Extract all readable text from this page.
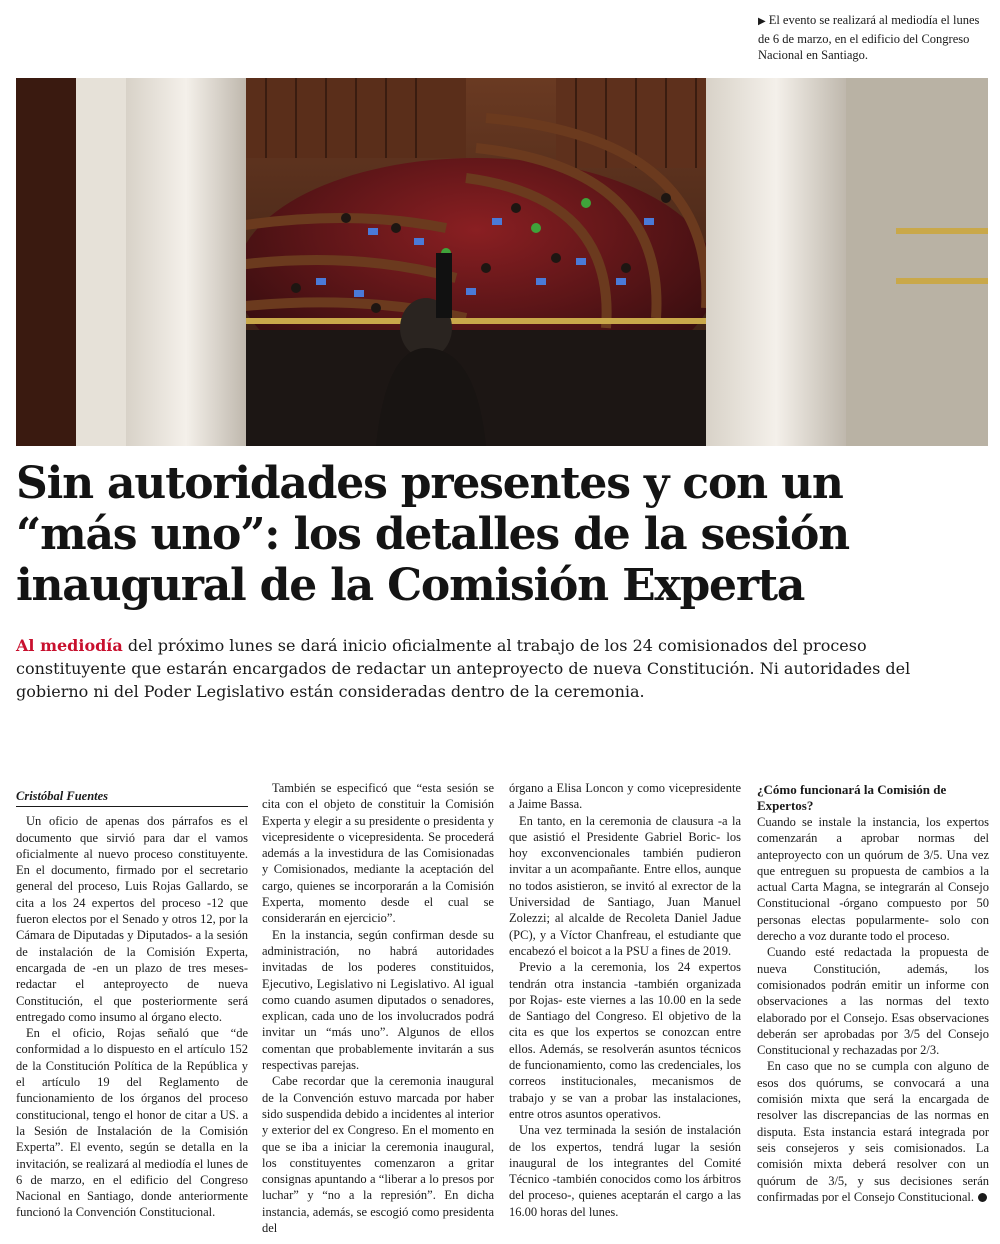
▶ El evento se realizará al mediodía el lunes de 6 de marzo, en el edificio del Congreso Nacional en Santiago.
Sin autoridades presentes y con un “más uno”: los detalles de la sesión inaugural de la Comisión Experta

Al mediodía del próximo lunes se dará inicio oficialmente al trabajo de los 24 comisionados del proceso constituyente que estarán encargados de redactar un anteproyecto de nueva Constitución. Ni autoridades del gobierno ni del Poder Legislativo están consideradas dentro de la ceremonia.

Cristóbal Fuentes

Un oficio de apenas dos párrafos es el documento que sirvió para dar el vamos oficialmente al nuevo proceso constituyente. En el documento, firmado por el secretario general del proceso, Luis Rojas Gallardo, se cita a los 24 expertos del proceso -12 que fueron electos por el Senado y otros 12, por la Cámara de Diputadas y Diputados- a la sesión de instalación de la Comisión Experta, encargada de -en un plazo de tres meses- redactar el anteproyecto de nueva Constitución, el que posteriormente será entregado como insumo al órgano electo.

En el oficio, Rojas señaló que “de conformidad a lo dispuesto en el artículo 152 de la Constitución Política de la República y el artículo 19 del Reglamento de funcionamiento de los órganos del proceso constitucional, tengo el honor de citar a US. a la Sesión de Instalación de la Comisión Experta”. El evento, según se detalla en la invitación, se realizará al mediodía el lunes de 6 de marzo, en el edificio del Congreso Nacional en Santiago, donde anteriormente funcionó la Convención Constitucional.

También se especificó que “esta sesión se cita con el objeto de constituir la Comisión Experta y elegir a su presidente o presidenta y vicepresidente o vicepresidenta. Se procederá además a la investidura de las Comisionadas y Comisionados, mediante la aceptación del cargo, quienes se incorporarán a la Comisión Experta, momento desde el cual se considerarán en ejercicio”.

En la instancia, según confirman desde su administración, no habrá autoridades invitadas de los poderes constituidos, Ejecutivo, Legislativo ni Legislativo. Al igual como cuando asumen diputados o senadores, explican, cada uno de los involucrados podrá invitar un “más uno”. Algunos de ellos comentan que probablemente invitarán a sus respectivas parejas.

Cabe recordar que la ceremonia inaugural de la Convención estuvo marcada por haber sido suspendida debido a incidentes al interior y exterior del ex Congreso. En el momento en que se iba a iniciar la ceremonia inaugural, los constituyentes comenzaron a gritar consignas apuntando a “liberar a lo presos por luchar” y “no a la represión”. En dicha instancia, además, se escogió como presidenta del

órgano a Elisa Loncon y como vicepresidente a Jaime Bassa.

En tanto, en la ceremonia de clausura -a la que asistió el Presidente Gabriel Boric- los hoy exconvencionales también pudieron invitar a un acompañante. Entre ellos, aunque no todos asistieron, se invitó al exrector de la Universidad de Santiago, Juan Manuel Zolezzi; al alcalde de Recoleta Daniel Jadue (PC), y a Víctor Chanfreau, el estudiante que encabezó el boicot a la PSU a fines de 2019.

Previo a la ceremonia, los 24 expertos tendrán otra instancia -también organizada por Rojas- este viernes a las 10.00 en la sede de Santiago del Congreso. El objetivo de la cita es que los expertos se conozcan entre ellos. Además, se resolverán asuntos técnicos de funcionamiento, como las credenciales, los correos institucionales, mecanismos de trabajo y se van a probar las instalaciones, entre otros asuntos operativos.

Una vez terminada la sesión de instalación de los expertos, tendrá lugar la sesión inaugural de los integrantes del Comité Técnico -también conocidos como los árbitros del proceso-, quienes aceptarán el cargo a las 16.00 horas del lunes.

¿Cómo funcionará la Comisión de Expertos?

Cuando se instale la instancia, los expertos comenzarán a aprobar normas del anteproyecto con un quórum de 3/5. Una vez que entreguen su propuesta de cambios a la actual Carta Magna, se integrarán al Consejo Constitucional -órgano compuesto por 50 personas electas popularmente- solo con derecho a voz durante todo el proceso.

Cuando esté redactada la propuesta de nueva Constitución, además, los comisionados podrán emitir un informe con observaciones a las normas del texto elaborado por el Consejo. Esas observaciones deberán ser aprobadas por 3/5 del Consejo Constitucional y rechazadas por 2/3.

En caso que no se cumpla con alguno de esos dos quórums, se convocará a una comisión mixta que será la encargada de resolver las discrepancias de las normas en disputa. Esta instancia estará integrada por seis consejeros y seis comisionados. La comisión mixta deberá resolver con un quórum de 3/5, y sus decisiones serán confirmadas por el Consejo Constitucional.
